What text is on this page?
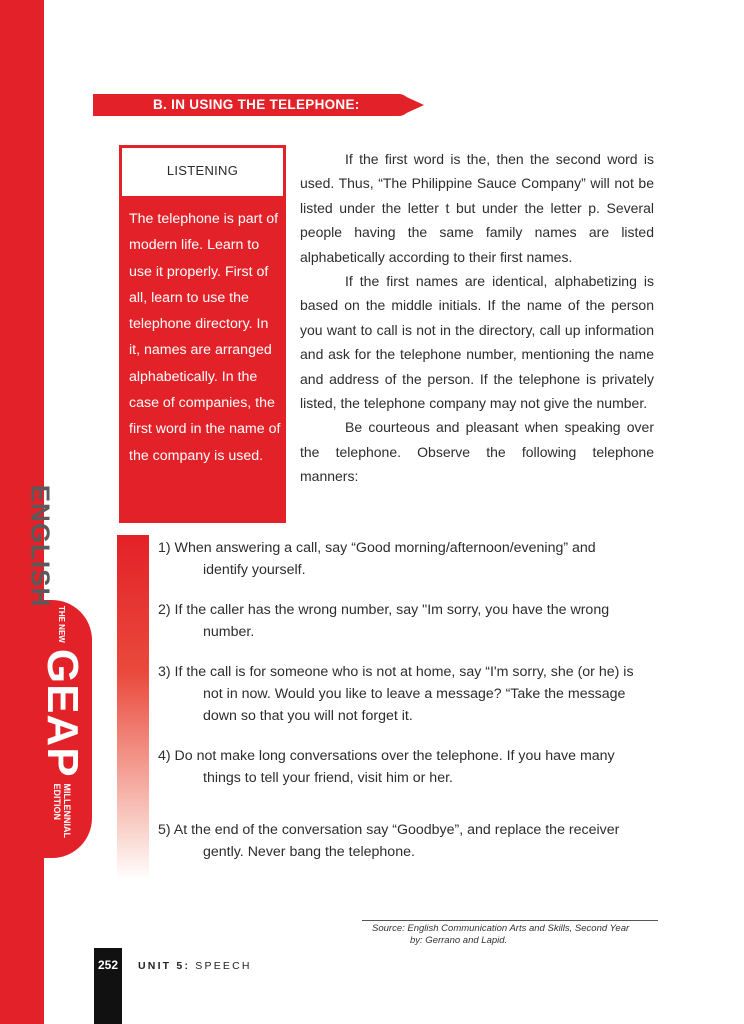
ENGLISH
THE NEW
GEAP
MILLENNIAL
EDITION
B. IN USING THE TELEPHONE:
LISTENING
The telephone is part of modern life. Learn to use it properly. First of all, learn to use the telephone directory. In it, names are arranged alphabetically. In the case of companies, the first word in the name of the company is used.

If the first word is the, then the second word is used. Thus, “The Philippine Sauce Company” will not be listed under the letter t but under the letter p. Several people having the same family names are listed alphabetically according to their first names.

If the first names are identical, alphabetizing is based on the middle initials. If the name of the person you want to call is not in the directory, call up information and ask for the telephone number, mentioning the name and address of the person. If the telephone is privately listed, the telephone company may not give the number.

Be courteous and pleasant when speaking over the telephone. Observe the following telephone manners:

1) When answering a call, say “Good morning/afternoon/evening” and
identify yourself.
2) If the caller has the wrong number, say "Im sorry, you have the wrong
number.
3) If the call is for someone who is not at home, say “I'm sorry, she (or he) is
not in now. Would you like to leave a message? “Take the message
down so that you will not forget it.
4) Do not make long conversations over the telephone. If you have many
things to tell your friend, visit him or her.
5) At the end of the conversation say “Goodbye”, and replace the receiver
gently. Never bang the telephone.
Source: English Communication Arts and Skills, Second Year
by: Gerrano and Lapid.
252	UNIT 5: SPEECH
